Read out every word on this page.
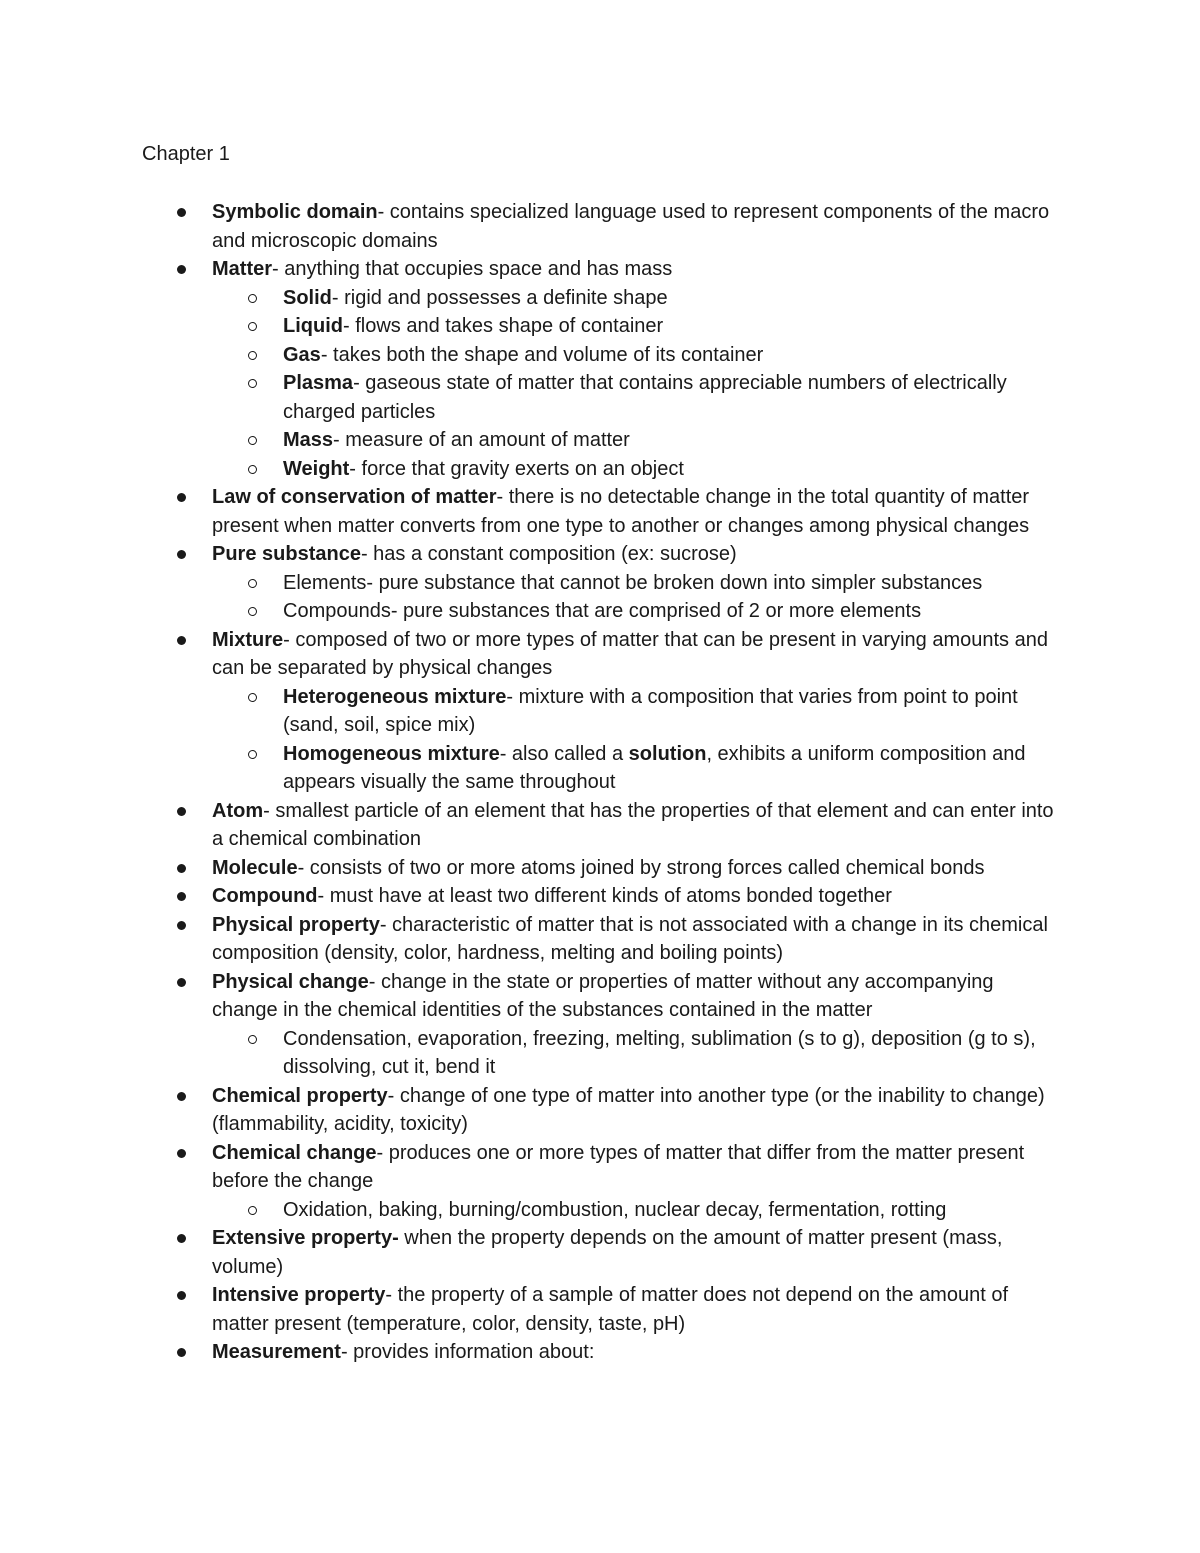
Chapter 1
Symbolic domain- contains specialized language used to represent components of the macro and microscopic domains
Matter- anything that occupies space and has mass
Solid- rigid and possesses a definite shape
Liquid- flows and takes shape of container
Gas- takes both the shape and volume of its container
Plasma- gaseous state of matter that contains appreciable numbers of electrically charged particles
Mass- measure of an amount of matter
Weight- force that gravity exerts on an object
Law of conservation of matter- there is no detectable change in the total quantity of matter present when matter converts from one type to another or changes among physical changes
Pure substance- has a constant composition (ex: sucrose)
Elements- pure substance that cannot be broken down into simpler substances
Compounds- pure substances that are comprised of 2 or more elements
Mixture- composed of two or more types of matter that can be present in varying amounts and can be separated by physical changes
Heterogeneous mixture- mixture with a composition that varies from point to point (sand, soil, spice mix)
Homogeneous mixture- also called a solution, exhibits a uniform composition and appears visually the same throughout
Atom- smallest particle of an element that has the properties of that element and can enter into a chemical combination
Molecule- consists of two or more atoms joined by strong forces called chemical bonds
Compound- must have at least two different kinds of atoms bonded together
Physical property- characteristic of matter that is not associated with a change in its chemical composition (density, color, hardness, melting and boiling points)
Physical change- change in the state or properties of matter without any accompanying change in the chemical identities of the substances contained in the matter
Condensation, evaporation, freezing, melting, sublimation (s to g), deposition (g to s), dissolving, cut it, bend it
Chemical property- change of one type of matter into another type (or the inability to change) (flammability, acidity, toxicity)
Chemical change- produces one or more types of matter that differ from the matter present before the change
Oxidation, baking, burning/combustion, nuclear decay, fermentation, rotting
Extensive property- when the property depends on the amount of matter present (mass, volume)
Intensive property- the property of a sample of matter does not depend on the amount of matter present (temperature, color, density, taste, pH)
Measurement- provides information about:
